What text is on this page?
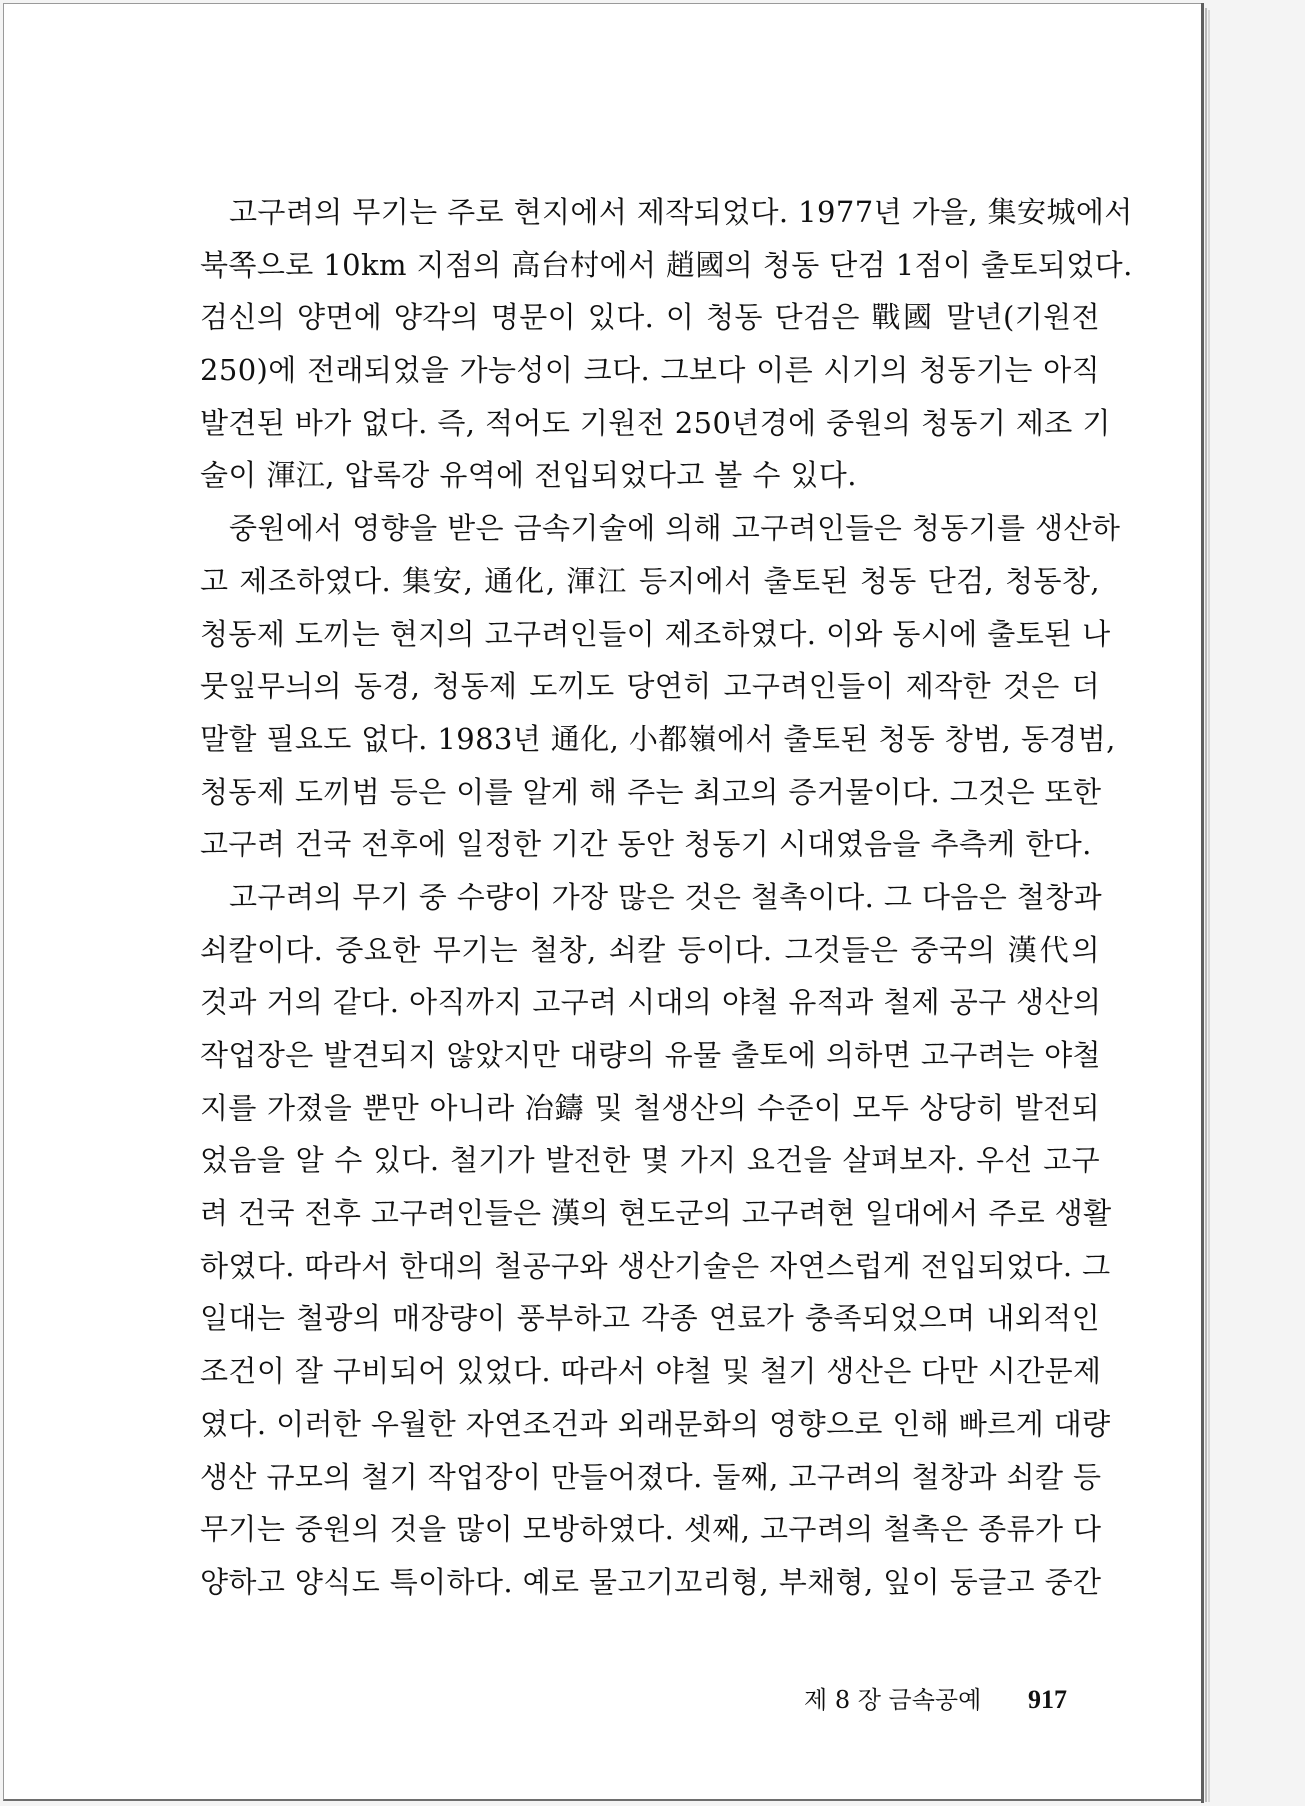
고구려의 무기는 주로 현지에서 제작되었다. 1977년 가을, 集安城에서
북쪽으로 10km 지점의 高台村에서 趙國의 청동 단검 1점이 출토되었다.
검신의 양면에 양각의 명문이 있다. 이 청동 단검은 戰國 말년(기원전
250)에 전래되었을 가능성이 크다. 그보다 이른 시기의 청동기는 아직
발견된 바가 없다. 즉, 적어도 기원전 250년경에 중원의 청동기 제조 기
술이 渾江, 압록강 유역에 전입되었다고 볼 수 있다.
중원에서 영향을 받은 금속기술에 의해 고구려인들은 청동기를 생산하
고 제조하였다. 集安, 通化, 渾江 등지에서 출토된 청동 단검, 청동창,
청동제 도끼는 현지의 고구려인들이 제조하였다. 이와 동시에 출토된 나
뭇잎무늬의 동경, 청동제 도끼도 당연히 고구려인들이 제작한 것은 더
말할 필요도 없다. 1983년 通化, 小都嶺에서 출토된 청동 창범, 동경범,
청동제 도끼범 등은 이를 알게 해 주는 최고의 증거물이다. 그것은 또한
고구려 건국 전후에 일정한 기간 동안 청동기 시대였음을 추측케 한다.
고구려의 무기 중 수량이 가장 많은 것은 철촉이다. 그 다음은 철창과
쇠칼이다. 중요한 무기는 철창, 쇠칼 등이다. 그것들은 중국의 漢代의
것과 거의 같다. 아직까지 고구려 시대의 야철 유적과 철제 공구 생산의
작업장은 발견되지 않았지만 대량의 유물 출토에 의하면 고구려는 야철
지를 가졌을 뿐만 아니라 冶鑄 및 철생산의 수준이 모두 상당히 발전되
었음을 알 수 있다. 철기가 발전한 몇 가지 요건을 살펴보자. 우선 고구
려 건국 전후 고구려인들은 漢의 현도군의 고구려현 일대에서 주로 생활
하였다. 따라서 한대의 철공구와 생산기술은 자연스럽게 전입되었다. 그
일대는 철광의 매장량이 풍부하고 각종 연료가 충족되었으며 내외적인
조건이 잘 구비되어 있었다. 따라서 야철 및 철기 생산은 다만 시간문제
였다. 이러한 우월한 자연조건과 외래문화의 영향으로 인해 빠르게 대량
생산 규모의 철기 작업장이 만들어졌다. 둘째, 고구려의 철창과 쇠칼 등
무기는 중원의 것을 많이 모방하였다. 셋째, 고구려의 철촉은 종류가 다
양하고 양식도 특이하다. 예로 물고기꼬리형, 부채형, 잎이 둥글고 중간
제 8 장 금속공예 917
